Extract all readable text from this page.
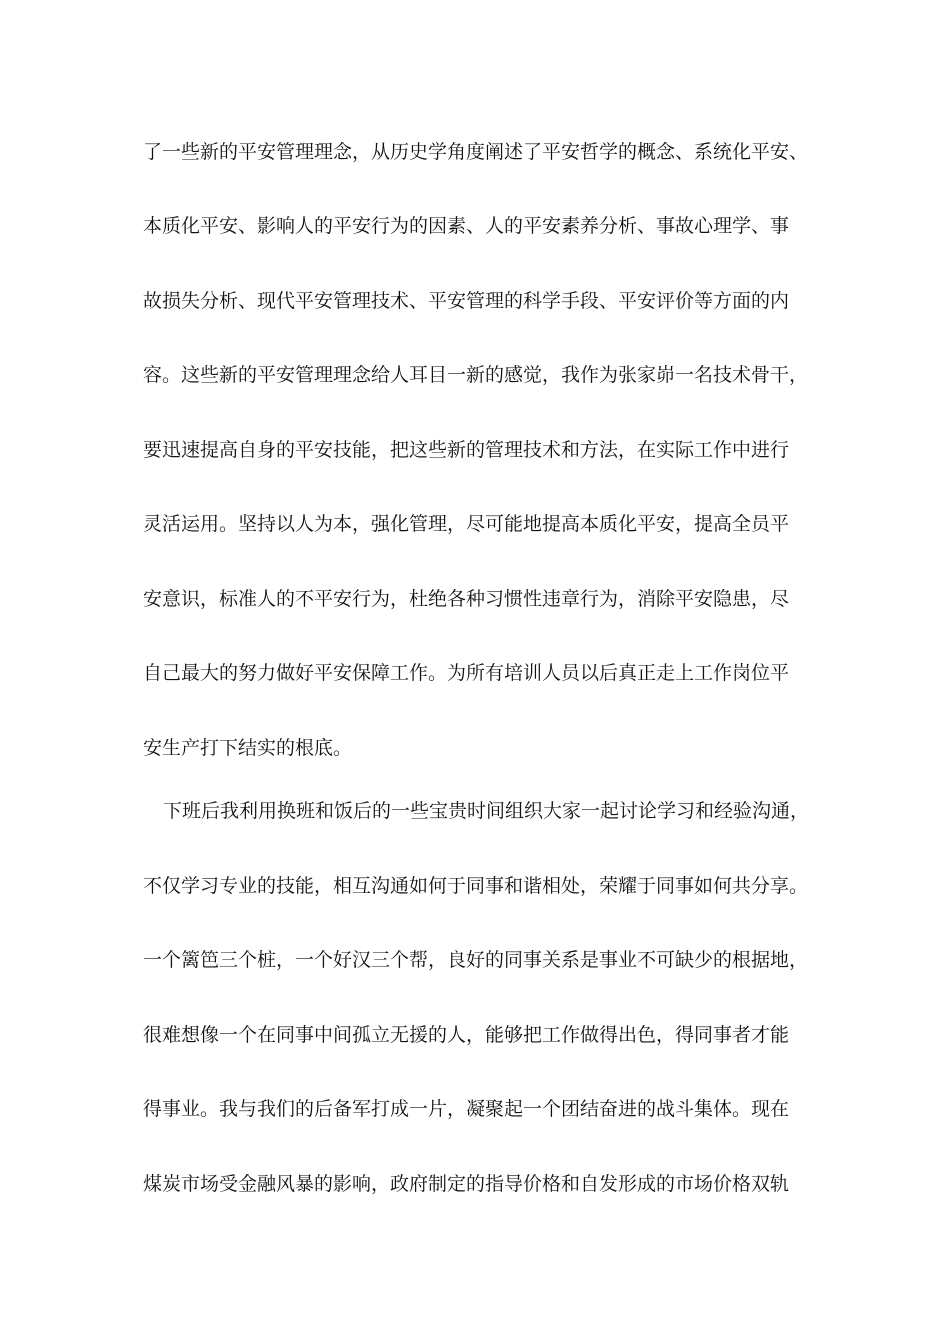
了一些新的平安管理理念，从历史学角度阐述了平安哲学的概念、系统化平安、
本质化平安、影响人的平安行为的因素、人的平安素养分析、事故心理学、事
故损失分析、现代平安管理技术、平安管理的科学手段、平安评价等方面的内
容。这些新的平安管理理念给人耳目一新的感觉，我作为张家峁一名技术骨干，
要迅速提高自身的平安技能，把这些新的管理技术和方法，在实际工作中进行
灵活运用。坚持以人为本，强化管理，尽可能地提高本质化平安，提高全员平
安意识，标准人的不平安行为，杜绝各种习惯性违章行为，消除平安隐患，尽
自己最大的努力做好平安保障工作。为所有培训人员以后真正走上工作岗位平
安生产打下结实的根底。
下班后我利用换班和饭后的一些宝贵时间组织大家一起讨论学习和经验沟通，
不仅学习专业的技能，相互沟通如何于同事和谐相处，荣耀于同事如何共分享。
一个篱笆三个桩，一个好汉三个帮，良好的同事关系是事业不可缺少的根据地，
很难想像一个在同事中间孤立无援的人，能够把工作做得出色，得同事者才能
得事业。我与我们的后备军打成一片，凝聚起一个团结奋进的战斗集体。现在
煤炭市场受金融风暴的影响，政府制定的指导价格和自发形成的市场价格双轨
